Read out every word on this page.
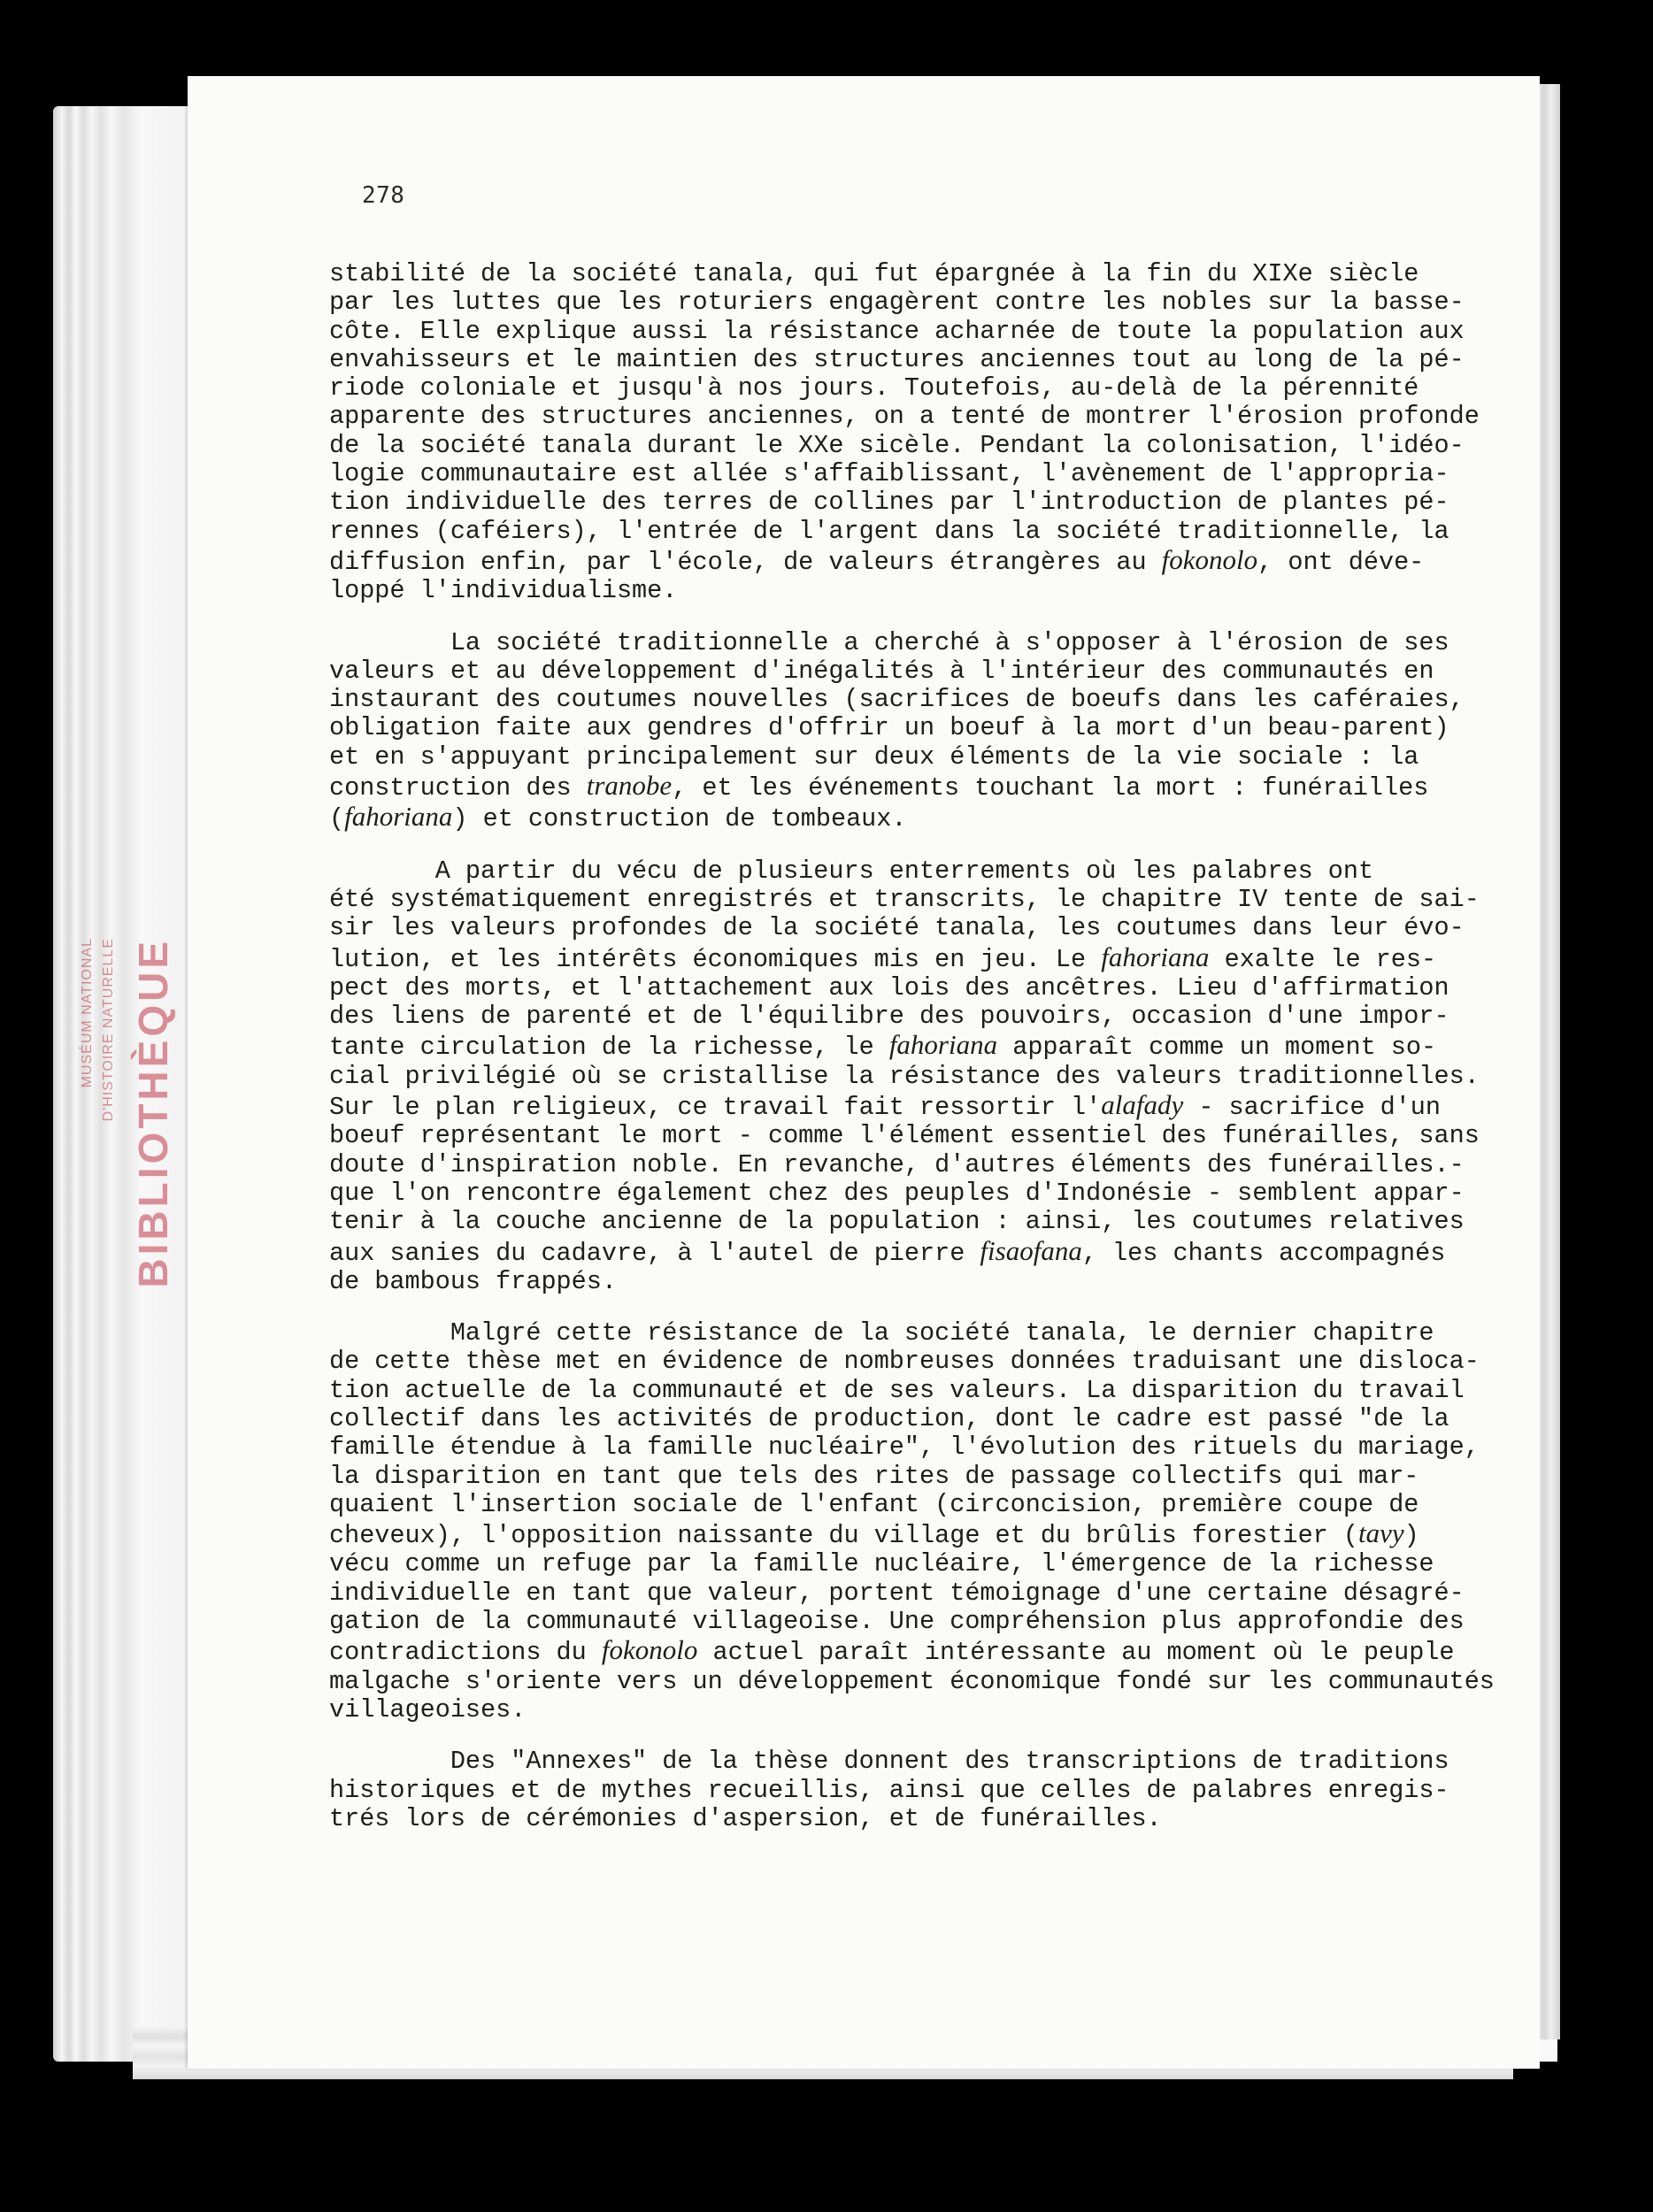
BIBLIOTHÈQUE
MUSÉUM NATIONAL D'HISTOIRE NATURELLE

278

stabilité de la société tanala, qui fut épargnée à la fin du XIXe siècle
par les luttes que les roturiers engagèrent contre les nobles sur la basse-
côte. Elle explique aussi la résistance acharnée de toute la population aux
envahisseurs et le maintien des structures anciennes tout au long de la pé-
riode coloniale et jusqu'à nos jours. Toutefois, au-delà de la pérennité
apparente des structures anciennes, on a tenté de montrer l'érosion profonde
de la société tanala durant le XXe sicèle. Pendant la colonisation, l'idéo-
logie communautaire est allée s'affaiblissant, l'avènement de l'appropria-
tion individuelle des terres de collines par l'introduction de plantes pé-
rennes (caféiers), l'entrée de l'argent dans la société traditionnelle, la
diffusion enfin, par l'école, de valeurs étrangères au fokonolo, ont déve-
loppé l'individualisme.

La société traditionnelle a cherché à s'opposer à l'érosion de ses
valeurs et au développement d'inégalités à l'intérieur des communautés en
instaurant des coutumes nouvelles (sacrifices de boeufs dans les caféraies,
obligation faite aux gendres d'offrir un boeuf à la mort d'un beau-parent)
et en s'appuyant principalement sur deux éléments de la vie sociale : la
construction des tranobe, et les événements touchant la mort : funérailles
(fahoriana) et construction de tombeaux.

A partir du vécu de plusieurs enterrements où les palabres ont
été systématiquement enregistrés et transcrits, le chapitre IV tente de sai-
sir les valeurs profondes de la société tanala, les coutumes dans leur évo-
lution, et les intérêts économiques mis en jeu. Le fahoriana exalte le res-
pect des morts, et l'attachement aux lois des ancêtres. Lieu d'affirmation
des liens de parenté et de l'équilibre des pouvoirs, occasion d'une impor-
tante circulation de la richesse, le fahoriana apparaît comme un moment so-
cial privilégié où se cristallise la résistance des valeurs traditionnelles.
Sur le plan religieux, ce travail fait ressortir l'alafady - sacrifice d'un
boeuf représentant le mort - comme l'élément essentiel des funérailles, sans
doute d'inspiration noble. En revanche, d'autres éléments des funérailles.-
que l'on rencontre également chez des peuples d'Indonésie - semblent appar-
tenir à la couche ancienne de la population : ainsi, les coutumes relatives
aux sanies du cadavre, à l'autel de pierre fisaofana, les chants accompagnés
de bambous frappés.

Malgré cette résistance de la société tanala, le dernier chapitre
de cette thèse met en évidence de nombreuses données traduisant une disloca-
tion actuelle de la communauté et de ses valeurs. La disparition du travail
collectif dans les activités de production, dont le cadre est passé "de la
famille étendue à la famille nucléaire", l'évolution des rituels du mariage,
la disparition en tant que tels des rites de passage collectifs qui mar-
quaient l'insertion sociale de l'enfant (circoncision, première coupe de
cheveux), l'opposition naissante du village et du brûlis forestier (tavy)
vécu comme un refuge par la famille nucléaire, l'émergence de la richesse
individuelle en tant que valeur, portent témoignage d'une certaine désagré-
gation de la communauté villageoise. Une compréhension plus approfondie des
contradictions du fokonolo actuel paraît intéressante au moment où le peuple
malgache s'oriente vers un développement économique fondé sur les communautés
villageoises.

Des "Annexes" de la thèse donnent des transcriptions de traditions
historiques et de mythes recueillis, ainsi que celles de palabres enregis-
trés lors de cérémonies d'aspersion, et de funérailles.
